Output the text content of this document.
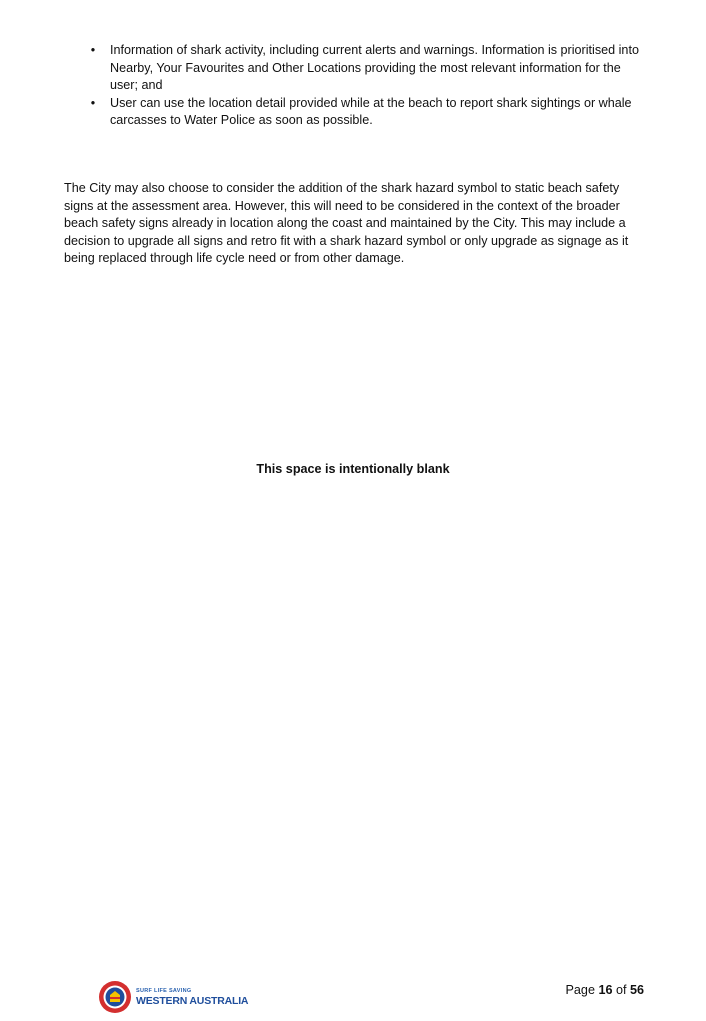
• Information of shark activity, including current alerts and warnings. Information is prioritised into Nearby, Your Favourites and Other Locations providing the most relevant information for the user; and
• User can use the location detail provided while at the beach to report shark sightings or whale carcasses to Water Police as soon as possible.

The City may also choose to consider the addition of the shark hazard symbol to static beach safety signs at the assessment area. However, this will need to be considered in the context of the broader beach safety signs already in location along the coast and maintained by the City. This may include a decision to upgrade all signs and retro fit with a shark hazard symbol or only upgrade as signage as it being replaced through life cycle need or from other damage.

This space is intentionally blank
SURF LIFE SAVING
WESTERN AUSTRALIA
Page 16 of 56
